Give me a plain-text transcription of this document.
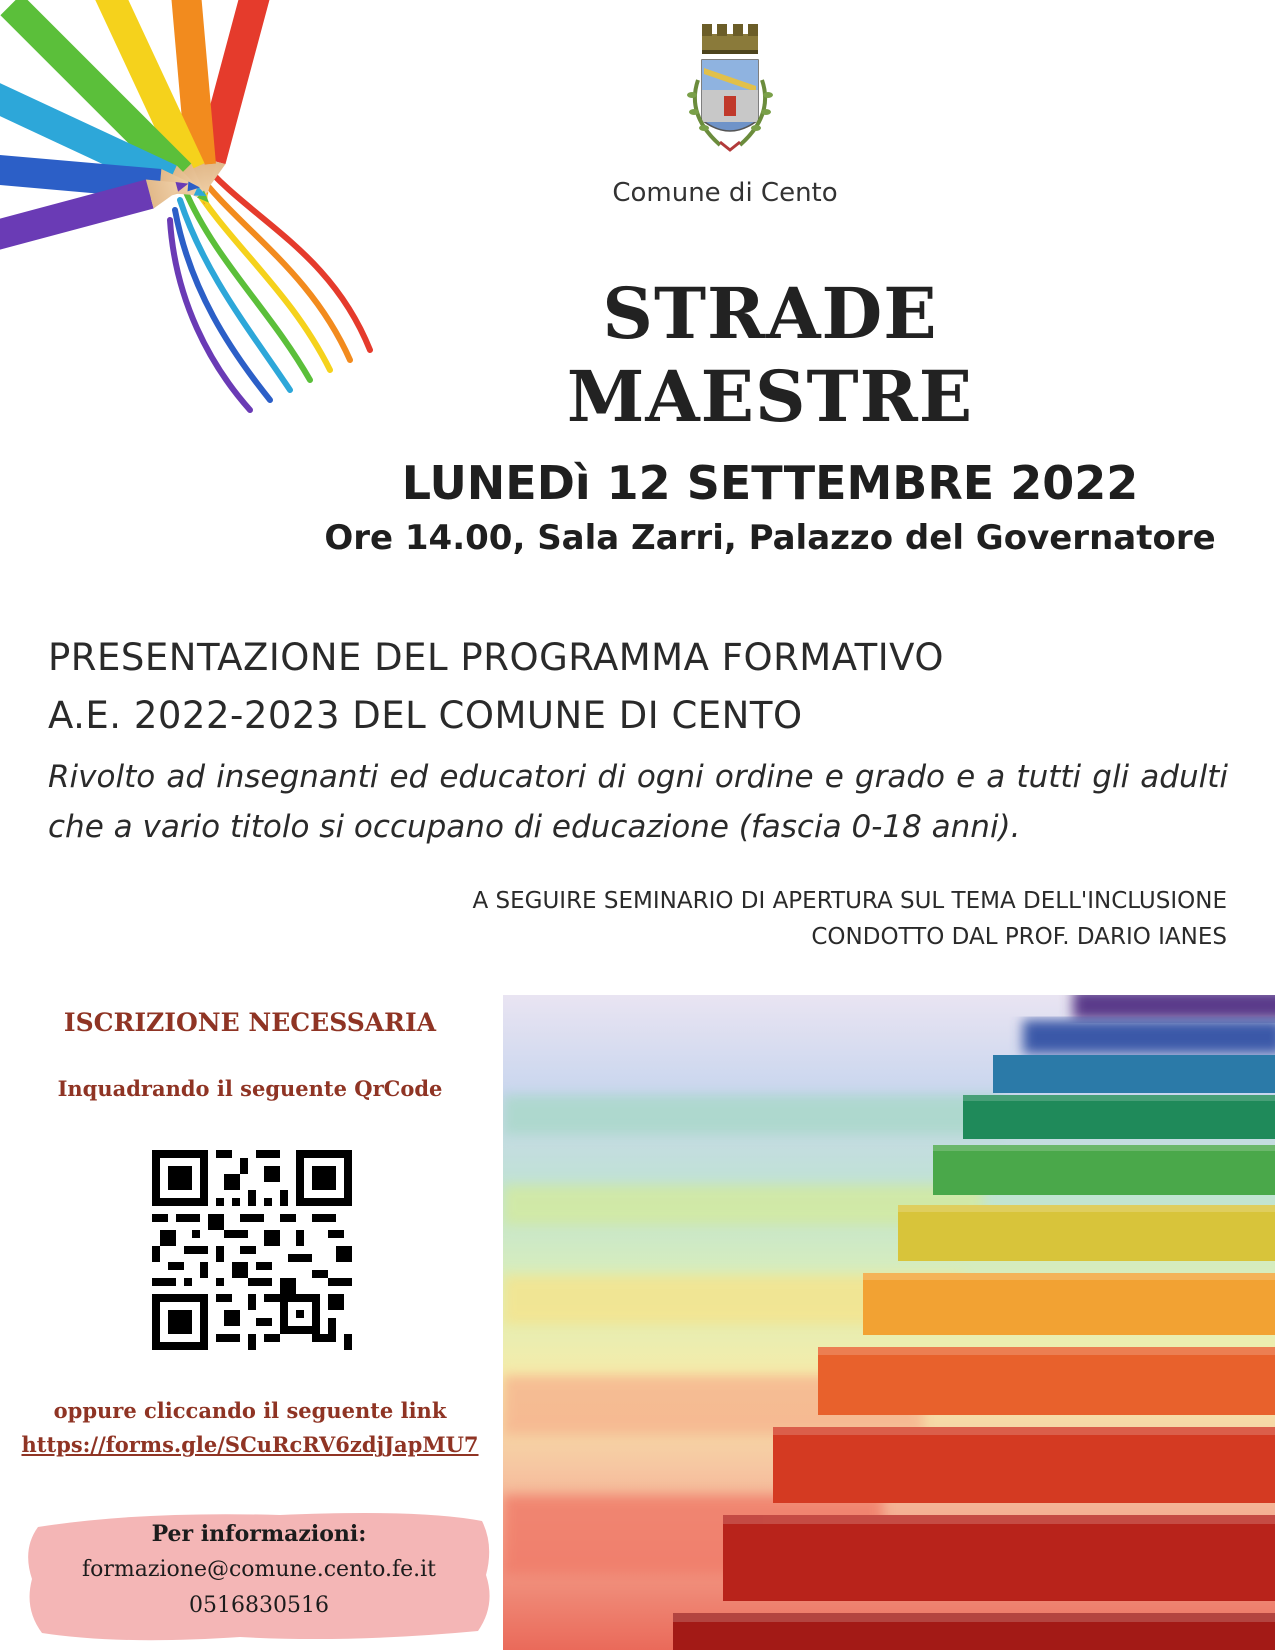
Comune di Cento
STRADE MAESTRE
LUNEDì 12 SETTEMBRE 2022
Ore 14.00, Sala Zarri, Palazzo del Governatore
PRESENTAZIONE DEL PROGRAMMA FORMATIVO
A.E. 2022-2023 DEL COMUNE DI CENTO
Rivolto ad insegnanti ed educatori di ogni ordine e grado e a tutti gli adulti che a vario titolo si occupano di educazione (fascia 0-18 anni).
A SEGUIRE SEMINARIO DI APERTURA SUL TEMA DELL'INCLUSIONE
CONDOTTO DAL PROF. DARIO IANES
ISCRIZIONE NECESSARIA
Inquadrando il seguente QrCode
oppure cliccando il seguente link
https://forms.gle/SCuRcRV6zdjJapMU7
Per informazioni:
formazione@comune.cento.fe.it
0516830516
